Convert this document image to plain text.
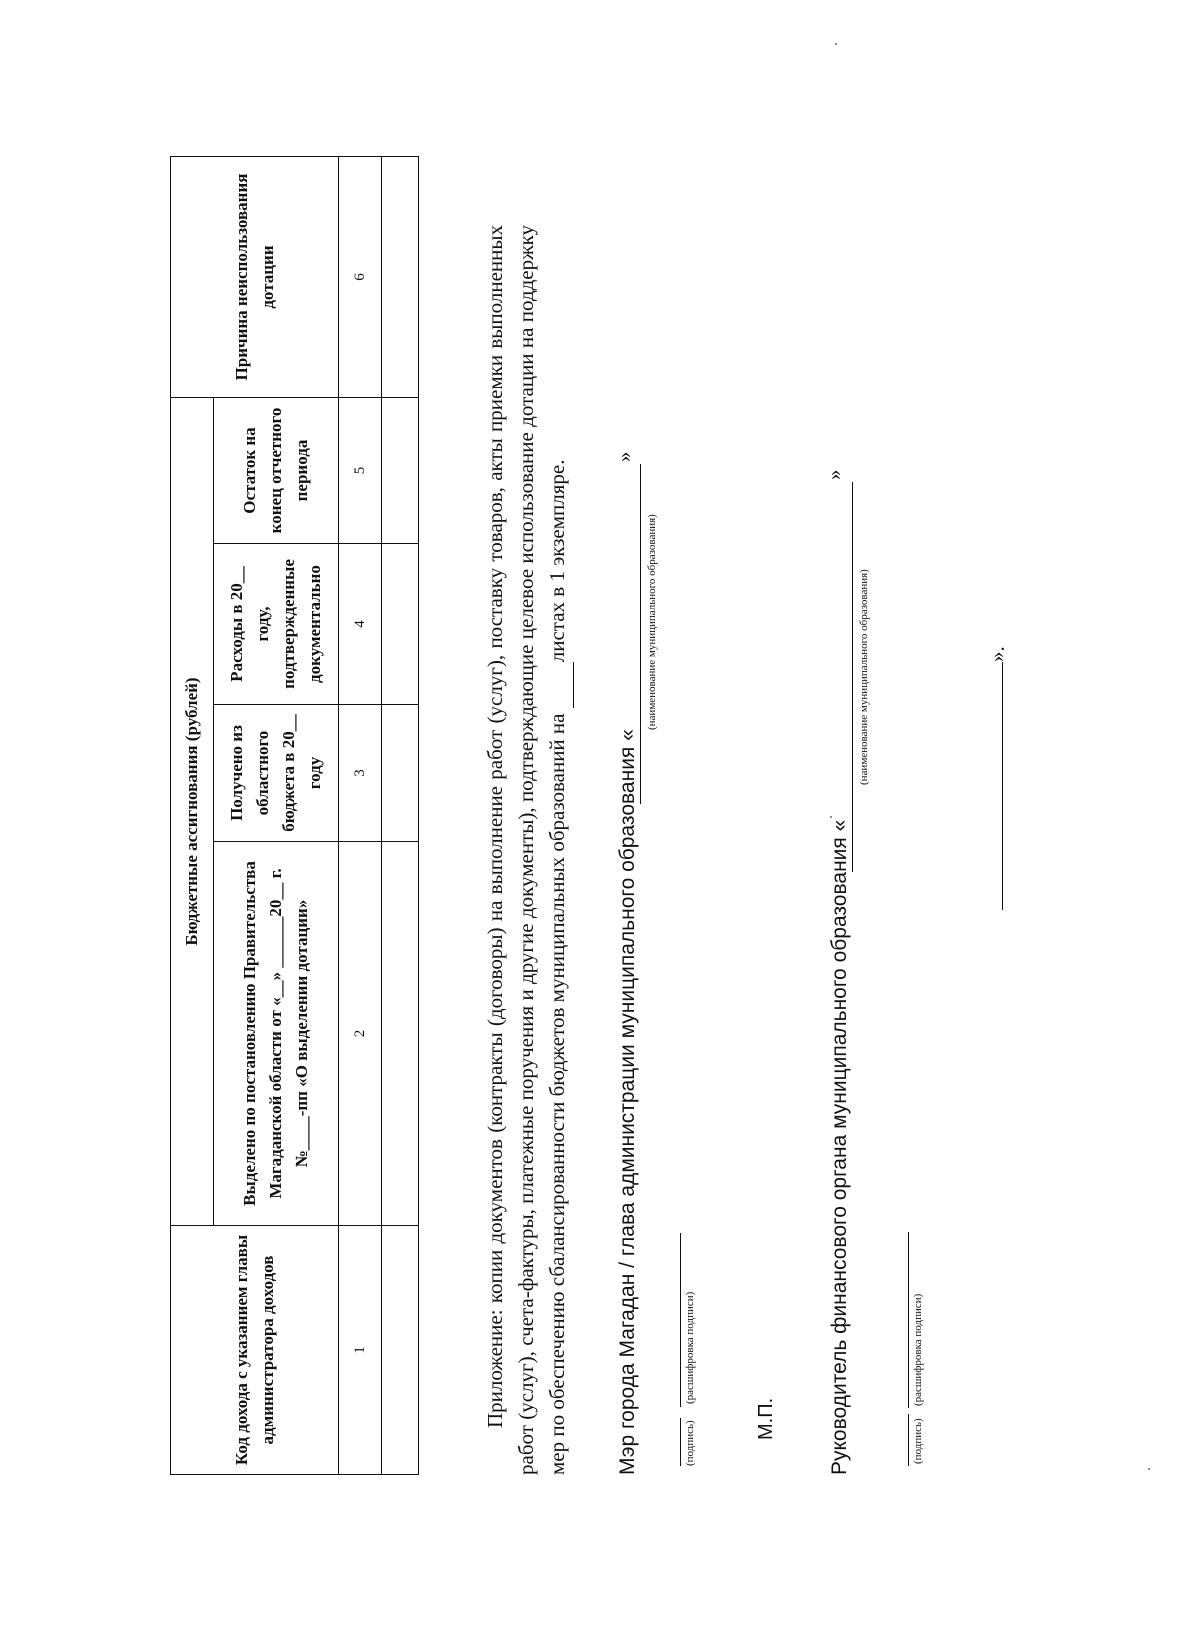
Код дохода с указанием главы администратора доходов	Бюджетные ассигнования (рублей)				Причина неиспользования дотации
	Выделено по постановлению Правительства Магаданской области от «__» ______20__ г. №____-пп «О выделении дотации»	Получено из областного бюджета в 20__ году	Расходы в 20__ году, подтвержденные документально	Остаток на конец отчетного периода	
1	2	3	4	5	6
						Приложение: копии документов (контракты (договоры) на выполнение работ (услуг), поставку товаров, акты приемки выполненных работ (услуг), счета-фактуры, платежные поручения и другие документы), подтверждающие целевое использование дотации на поддержку мер по обеспечению сбалансированности бюджетов муниципальных образований на  листах в 1 экземпляре.

Мэр города Магадан / глава администрации муниципального образования «
»
(наименование муниципального образования)
(подпись)
(расшифровка подписи)
М.П. Руководитель финансового органа муниципального образования «
»
(наименование муниципального образования)
(подпись)
(расшифровка подписи)
».
